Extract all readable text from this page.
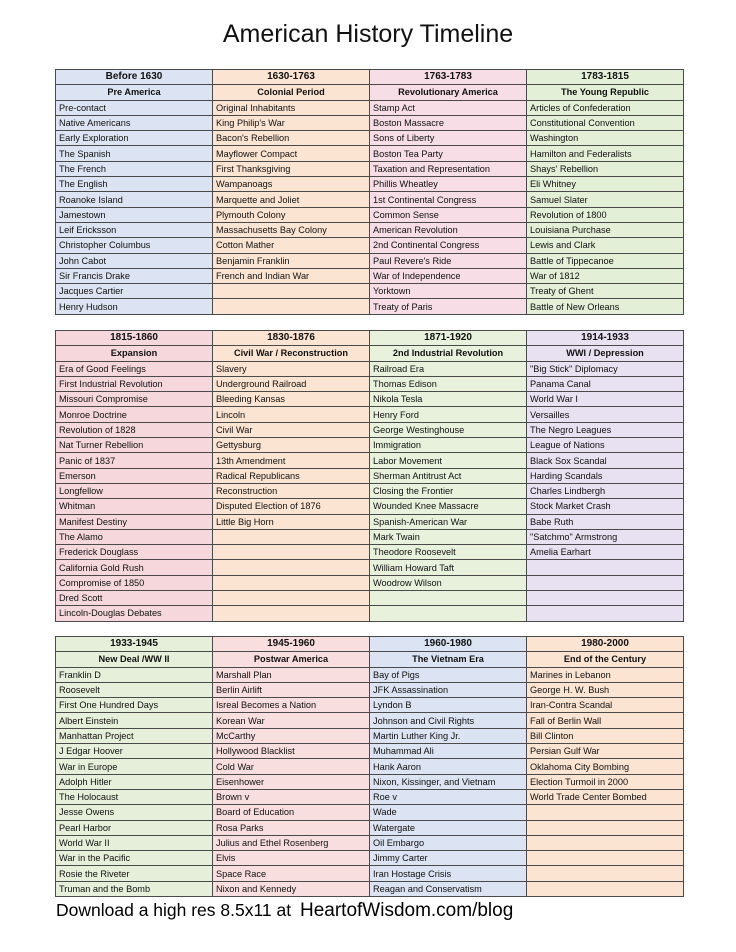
American History Timeline
Before 1630	1630-1763	1763-1783	1783-1815
Pre America	Colonial Period	Revolutionary America	The Young Republic
Pre-contact	Original Inhabitants	Stamp Act	Articles of Confederation
Native Americans	King Philip's War	Boston Massacre	Constitutional Convention
Early Exploration	Bacon's Rebellion	Sons of Liberty	Washington
The Spanish	Mayflower Compact	Boston Tea Party	Hamilton and Federalists
The French	First Thanksgiving	Taxation and Representation	Shays' Rebellion
The English	Wampanoags	Phillis Wheatley	Eli Whitney
Roanoke Island	Marquette and Joliet	1st Continental Congress	Samuel Slater
Jamestown	Plymouth Colony	Common Sense	Revolution of 1800
Leif Ericksson	Massachusetts Bay Colony	American Revolution	Louisiana Purchase
Christopher Columbus	Cotton Mather	2nd Continental Congress	Lewis and Clark
John Cabot	Benjamin Franklin	Paul Revere's Ride	Battle of Tippecanoe
Sir Francis Drake	French and Indian War	War of Independence	War of 1812
Jacques Cartier		Yorktown	Treaty of Ghent
Henry Hudson		Treaty of Paris	Battle of New Orleans
1815-1860	1830-1876	1871-1920	1914-1933
Expansion	Civil War / Reconstruction	2nd Industrial Revolution	WWI / Depression
Era of Good Feelings	Slavery	Railroad Era	"Big Stick" Diplomacy
First Industrial Revolution	Underground Railroad	Thomas Edison	Panama Canal
Missouri Compromise	Bleeding Kansas	Nikola Tesla	World War I
Monroe Doctrine	Lincoln	Henry Ford	Versailles
Revolution of 1828	Civil War	George Westinghouse	The Negro Leagues
Nat Turner Rebellion	Gettysburg	Immigration	League of Nations
Panic of 1837	13th Amendment	Labor Movement	Black Sox Scandal
Emerson	Radical Republicans	Sherman Antitrust Act	Harding Scandals
Longfellow	Reconstruction	Closing the Frontier	Charles Lindbergh
Whitman	Disputed Election of 1876	Wounded Knee Massacre	Stock Market Crash
Manifest Destiny	Little Big Horn	Spanish-American War	Babe Ruth
The Alamo		Mark Twain	"Satchmo" Armstrong
Frederick Douglass		Theodore Roosevelt	Amelia Earhart
California Gold Rush		William Howard Taft	
Compromise of 1850		Woodrow Wilson	
Dred Scott			
Lincoln-Douglas Debates			
1933-1945	1945-1960	1960-1980	1980-2000
New Deal /WW II	Postwar America	The Vietnam Era	End of the Century
Franklin D	Marshall Plan	Bay of Pigs	Marines in Lebanon
Roosevelt	Berlin Airlift	JFK Assassination	George H. W. Bush
First One Hundred Days	Isreal Becomes a Nation	Lyndon B	Iran-Contra Scandal
Albert Einstein	Korean War	Johnson and Civil Rights	Fall of Berlin Wall
Manhattan Project	McCarthy	Martin Luther King Jr.	Bill Clinton
J Edgar Hoover	Hollywood Blacklist	Muhammad Ali	Persian Gulf War
War in Europe	Cold War	Hank Aaron	Oklahoma City Bombing
Adolph Hitler	Eisenhower	Nixon, Kissinger, and Vietnam	Election Turmoil in 2000
The Holocaust	Brown v	Roe v	World Trade Center Bombed
Jesse Owens	Board of Education	Wade	
Pearl Harbor	Rosa Parks	Watergate	
World War II	Julius and Ethel Rosenberg	Oil Embargo	
War in the Pacific	Elvis	Jimmy Carter	
Rosie the Riveter	Space Race	Iran Hostage Crisis	
Truman and the Bomb	Nixon and Kennedy	Reagan and Conservatism	
Download a high res 8.5x11 at HeartofWisdom.com/blog
